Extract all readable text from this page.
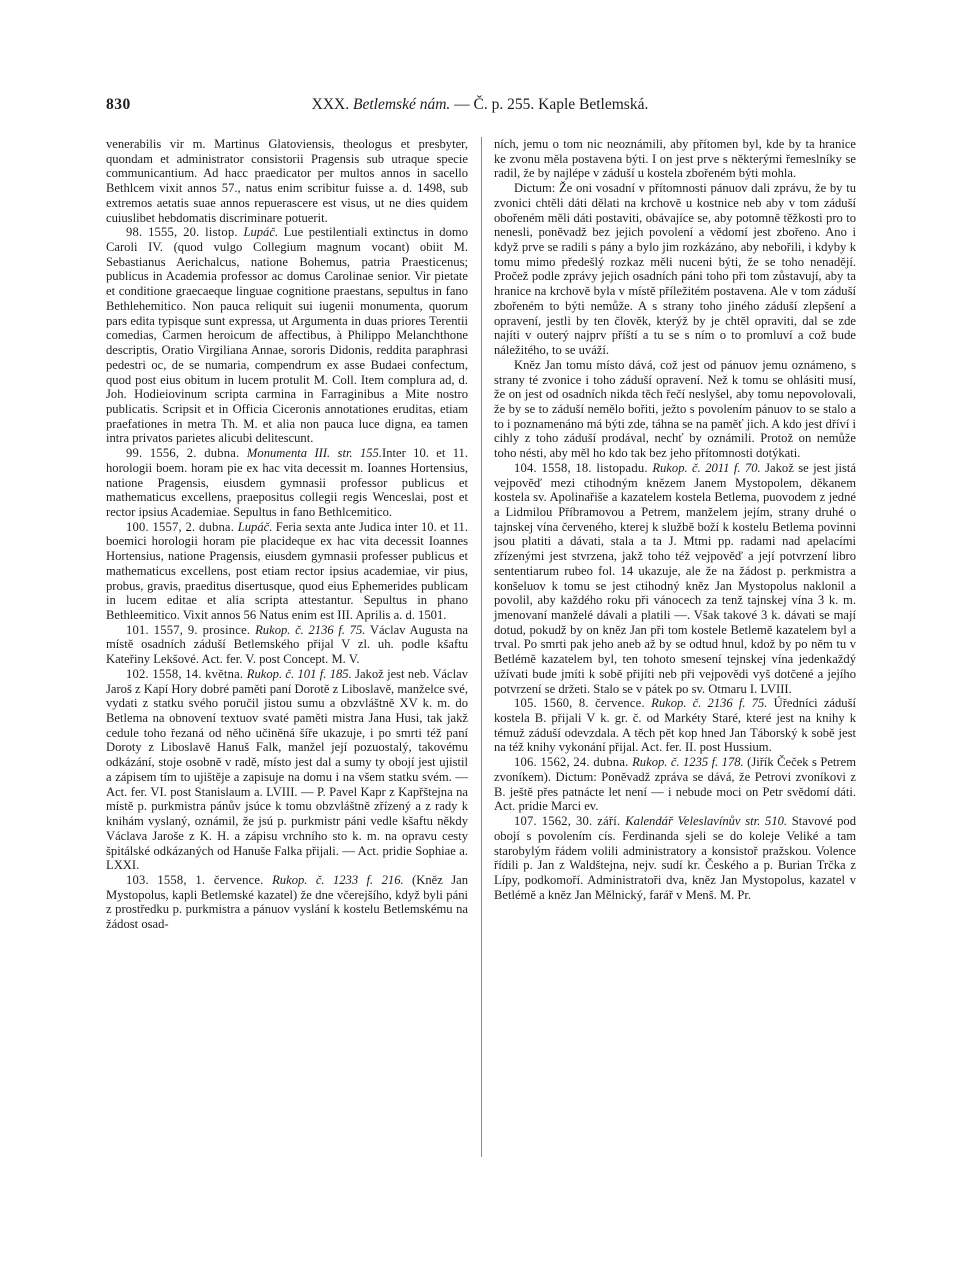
830	XXX. Betlemské nám. — Č. p. 255. Kaple Betlemská.

venerabilis vir m. Martinus Glatoviensis, theologus et presbyter, quondam et administrator consistorii Pragensis sub utraque specie communicantium. Ad hacc praedicator per multos annos in sacello Bethlcem vixit annos 57., natus enim scribitur fuisse a. d. 1498, sub extremos aetatis suae annos repuerascere est visus, ut ne dies quidem cuiuslibet hebdomatis discriminare potuerit.

98. 1555, 20. listop. Lupáč. Lue pestilentiali extinctus in domo Caroli IV. (quod vulgo Collegium magnum vocant) obiit M. Sebastianus Aerichalcus, natione Bohemus, patria Praesticenus; publicus in Academia professor ac domus Carolinae senior. Vir pietate et conditione graecaeque linguae cognitione praestans, sepultus in fano Bethlehemitico. Non pauca reliquit sui iugenii monumenta, quorum pars edita typisque sunt expressa, ut Argumenta in duas priores Terentii comedias, Carmen heroicum de affectibus, à Philippo Melanchthone descriptis, Oratio Virgiliana Annae, sororis Didonis, reddita paraphrasi pedestri oc, de se numaria, compendrum ex asse Budaei confectum, quod post eius obitum in lucem protulit M. Coll. Item complura ad, d. Joh. Hodieiovinum scripta carmina in Farraginibus a Mite nostro publicatis. Scripsit et in Officia Ciceronis annotationes eruditas, etiam praefationes in metra Th. M. et alia non pauca luce digna, ea tamen intra privatos parietes alicubi delitescunt.

99. 1556, 2. dubna. Monumenta III. str. 155.Inter 10. et 11. horologii boem. horam pie ex hac vita decessit m. Ioannes Hortensius, natione Pragensis, eiusdem gymnasii professor publicus et mathematicus excellens, praepositus collegii regis Wenceslai, post et rector ipsius Academiae. Sepultus in fano Bethlcemitico.

100. 1557, 2. dubna. Lupáč. Feria sexta ante Judica inter 10. et 11. boemici horologii horam pie placideque ex hac vita decessit Ioannes Hortensius, natione Pragensis, eiusdem gymnasii professer publicus et mathematicus excellens, post etiam rector ipsius academiae, vir pius, probus, gravis, praeditus disertusque, quod eius Ephemerides publicam in lucem editae et alia scripta attestantur. Sepultus in phano Bethleemitico. Vixit annos 56 Natus enim est III. Aprilis a. d. 1501.

101. 1557, 9. prosince. Rukop. č. 2136 f. 75. Václav Augusta na místě osadních záduší Betlemského přijal V zl. uh. podle kšaftu Kateřiny Lekšové. Act. fer. V. post Concept. M. V.

102. 1558, 14. května. Rukop. č. 101 f. 185. Jakož jest neb. Václav Jaroš z Kapí Hory dobré paměti paní Dorotě z Liboslavě, manželce své, vydati z statku svého poručil jistou sumu a obzvláštně XV k. m. do Betlema na obnovení textuov svaté paměti mistra Jana Husi, tak jakž cedule toho řezaná od něho učiněná šíře ukazuje, i po smrti též paní Doroty z Liboslavě Hanuš Falk, manžel její pozuostalý, takovému odkázání, stoje osobně v radě, místo jest dal a sumy ty obojí jest ujistil a zápisem tím to ujištěje a zapisuje na domu i na všem statku svém. — Act. fer. VI. post Stanislaum a. LVIII. — P. Pavel Kapr z Kapřštejna na místě p. purkmistra pánův jsúce k tomu obzvláštně zřízený a z rady k knihám vyslaný, oznámil, že jsú p. purkmistr páni vedle kšaftu někdy Václava Jaroše z K. H. a zápisu vrchního sto k. m. na opravu cesty špitálské odkázaných od Hanuše Falka přijali. — Act. pridie Sophiae a. LXXI.

103. 1558, 1. července. Rukop. č. 1233 f. 216. (Kněz Jan Mystopolus, kapli Betlemské kazatel) že dne včerejšího, když byli páni z prostředku p. purkmistra a pánuov vyslání k kostelu Betlemskému na žádost osad-

ních, jemu o tom nic neoznámili, aby přítomen byl, kde by ta hranice ke zvonu měla postavena býti. I on jest prve s některými řemeslníky se radil, že by najlépe v záduší u kostela zbořeném býti mohla.

Dictum: Že oni vosadní v přítomnosti pánuov dali zprávu, že by tu zvonici chtěli dáti dělati na krchově u kostnice neb aby v tom záduší obořeném měli dáti postaviti, obávajíce se, aby potomně těžkosti pro to nenesli, poněvadž bez jejich povolení a vědomí jest zbořeno. Ano i když prve se radili s pány a bylo jim rozkázáno, aby nebořili, i kdyby k tomu mimo předešlý rozkaz měli nuceni býti, že se toho nenadějí. Pročež podle zprávy jejich osadních páni toho při tom zůstavují, aby ta hranice na krchově byla v místě příležitém postavena. Ale v tom záduší zbořeném to býti nemůže. A s strany toho jiného záduší zlepšení a opravení, jestli by ten člověk, kterýž by je chtěl opraviti, dal se zde najíti v outerý najprv příští a tu se s ním o to promluví a což bude náležitého, to se uváží.

Kněz Jan tomu místo dává, což jest od pánuov jemu oznámeno, s strany té zvonice i toho záduší opravení. Než k tomu se ohlásiti musí, že on jest od osadních nikda těch řečí neslyšel, aby tomu nepovolovali, že by se to záduší nemělo bořiti, ježto s povolením pánuov to se stalo a to i poznamenáno má býti zde, táhna se na paměť jich. A kdo jest dříví i cihly z toho záduší prodával, nechť by oznámili. Protož on nemůže toho nésti, aby měl ho kdo tak bez jeho přítomnosti dotýkati.

104. 1558, 18. listopadu. Rukop. č. 2011 f. 70. Jakož se jest jistá vejpověď mezi ctihodným knězem Janem Mystopolem, děkanem kostela sv. Apolinařiše a kazatelem kostela Betlema, puovodem z jedné a Lidmilou Příbramovou a Petrem, manželem jejím, strany druhé o tajnskej vína červeného, kterej k službě boží k kostelu Betlema povinni jsou platiti a dávati, stala a ta J. Mtmi pp. radami nad apelacími zřízenými jest stvrzena, jakž toho též vejpověď a její potvrzení libro sententiarum rubeo fol. 14 ukazuje, ale že na žádost p. perkmistra a konšeluov k tomu se jest ctihodný kněz Jan Mystopolus naklonil a povolil, aby každého roku při vánocech za tenž tajnskej vína 3 k. m. jmenovaní manželé dávali a platili —. Však takové 3 k. dávati se mají dotud, pokudž by on kněz Jan při tom kostele Betlemě kazatelem byl a trval. Po smrti pak jeho aneb až by se odtud hnul, kdož by po něm tu v Betlémě kazatelem byl, ten tohoto smesení tejnskej vína jedenkaždý užívati bude jmíti k sobě přijíti neb při vejpovědi vyš dotčené a jejího potvrzení se držeti. Stalo se v pátek po sv. Otmaru I. LVIII.

105. 1560, 8. července. Rukop. č. 2136 f. 75. Úředníci záduší kostela B. přijali V k. gr. č. od Markéty Staré, které jest na knihy k témuž záduší odevzdala. A těch pět kop hned Jan Táborský k sobě jest na též knihy vykonání přijal. Act. fer. II. post Hussium.

106. 1562, 24. dubna. Rukop. č. 1235 f. 178. (Jiřík Čeček s Petrem zvoníkem). Dictum: Poněvadž zpráva se dává, že Petrovi zvoníkovi z B. ještě přes patnácte let není — i nebude moci on Petr svědomí dáti. Act. pridie Marci ev.

107. 1562, 30. září. Kalendář Veleslavínův str. 510. Stavové pod obojí s povolením cís. Ferdinanda sjeli se do koleje Veliké a tam starobylým řádem volili administratory a konsistoř pražskou. Volence řídili p. Jan z Waldštejna, nejv. sudí kr. Českého a p. Burian Trčka z Lípy, podkomoří. Administratoři dva, kněz Jan Mystopolus, kazatel v Betlémě a kněz Jan Mělnický, farář v Menš. M. Pr.
